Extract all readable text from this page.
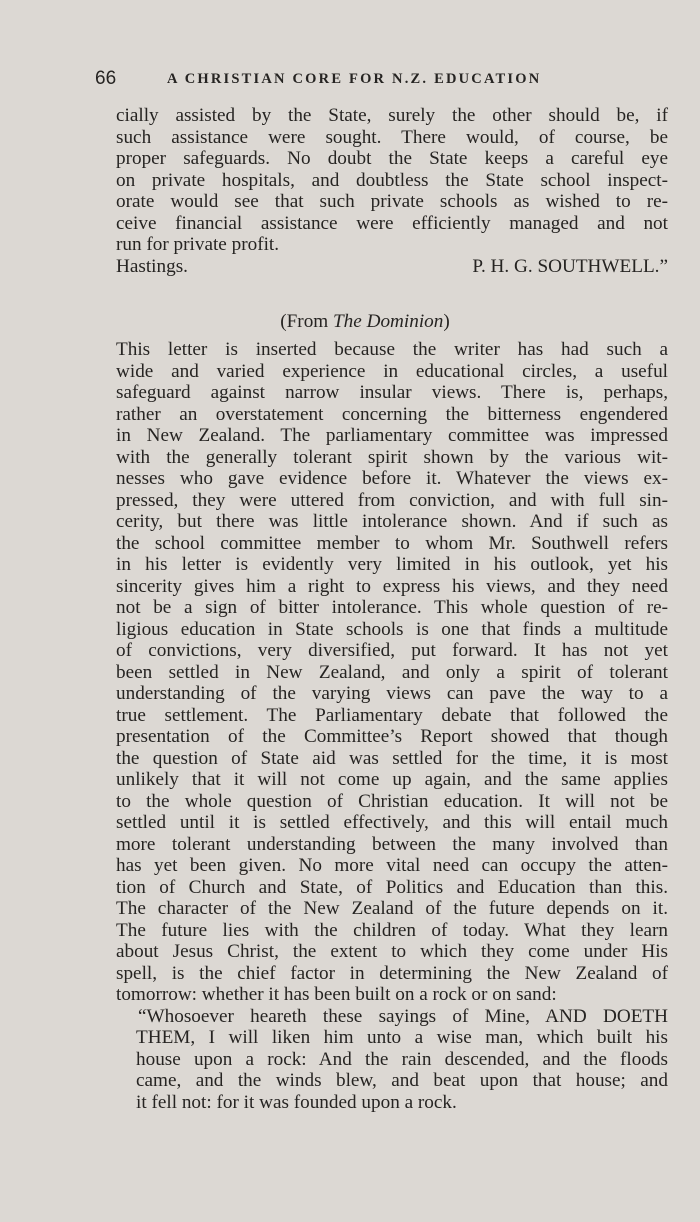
66	A CHRISTIAN CORE FOR N.Z. EDUCATION
cially assisted by the State, surely the other should be, if
such assistance were sought. There would, of course, be
proper safeguards. No doubt the State keeps a careful eye
on private hospitals, and doubtless the State school inspect-
orate would see that such private schools as wished to re-
ceive financial assistance were efficiently managed and not
run for private profit.
Hastings.	P. H. G. SOUTHWELL.”
(From The Dominion)
This letter is inserted because the writer has had such a
wide and varied experience in educational circles, a useful
safeguard against narrow insular views. There is, perhaps,
rather an overstatement concerning the bitterness engendered
in New Zealand. The parliamentary committee was impressed
with the generally tolerant spirit shown by the various wit-
nesses who gave evidence before it. Whatever the views ex-
pressed, they were uttered from conviction, and with full sin-
cerity, but there was little intolerance shown. And if such as
the school committee member to whom Mr. Southwell refers
in his letter is evidently very limited in his outlook, yet his
sincerity gives him a right to express his views, and they need
not be a sign of bitter intolerance. This whole question of re-
ligious education in State schools is one that finds a multitude
of convictions, very diversified, put forward. It has not yet
been settled in New Zealand, and only a spirit of tolerant
understanding of the varying views can pave the way to a
true settlement. The Parliamentary debate that followed the
presentation of the Committee’s Report showed that though
the question of State aid was settled for the time, it is most
unlikely that it will not come up again, and the same applies
to the whole question of Christian education. It will not be
settled until it is settled effectively, and this will entail much
more tolerant understanding between the many involved than
has yet been given. No more vital need can occupy the atten-
tion of Church and State, of Politics and Education than this.
The character of the New Zealand of the future depends on it.
The future lies with the children of today. What they learn
about Jesus Christ, the extent to which they come under His
spell, is the chief factor in determining the New Zealand of
tomorrow: whether it has been built on a rock or on sand:
“Whosoever heareth these sayings of Mine, AND DOETH
THEM, I will liken him unto a wise man, which built his
house upon a rock: And the rain descended, and the floods
came, and the winds blew, and beat upon that house; and
it fell not: for it was founded upon a rock.
